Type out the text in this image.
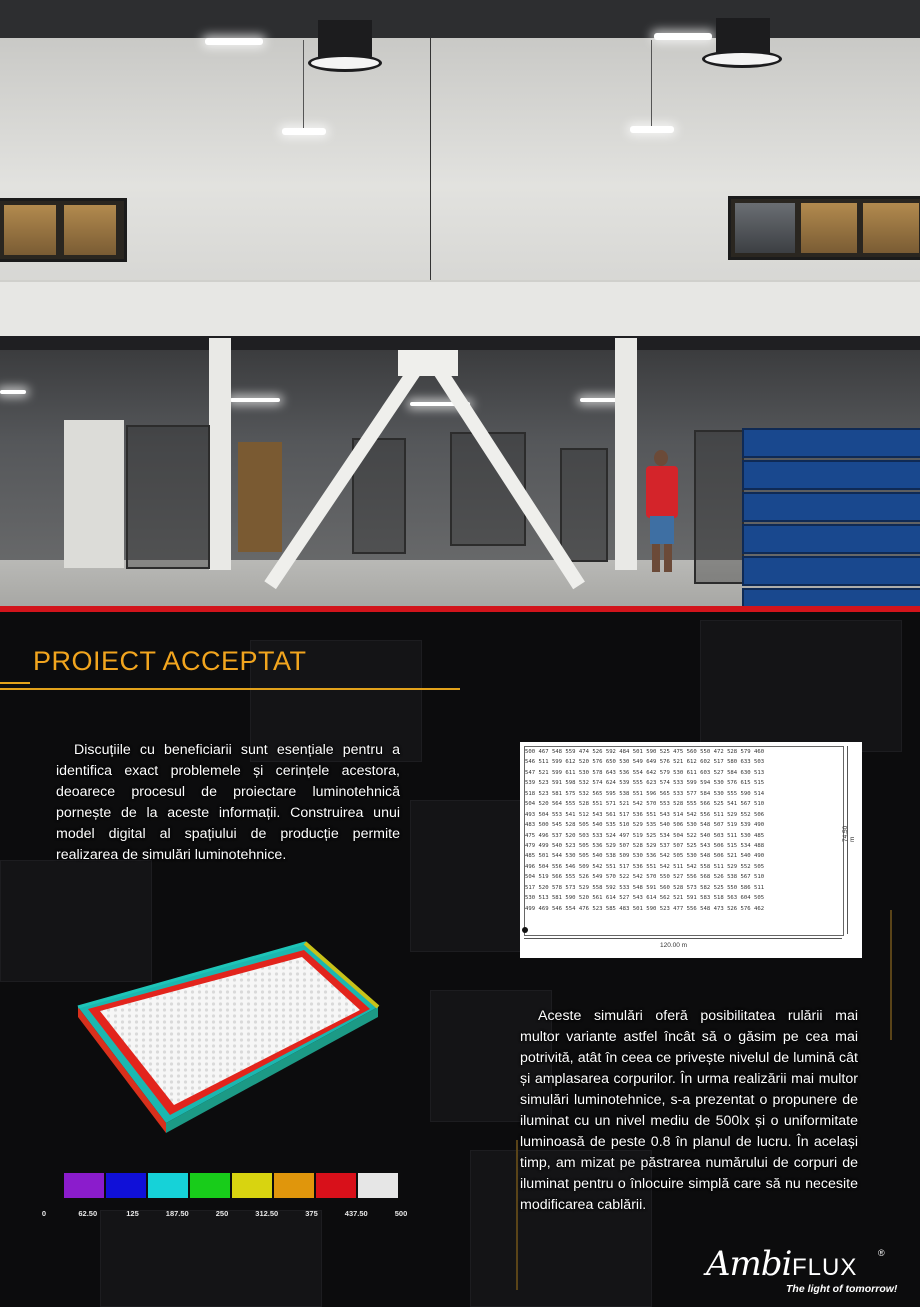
PROIECT ACCEPTAT

Discuțiile cu beneficiarii sunt esențiale pentru a identifica exact problemele și cerințele acestora, deoarece procesul de proiectare luminotehnică pornește de la aceste informații. Construirea unui model digital al spațiului de producție permite realizarea de simulări luminotehnice.

500 467 548 559 474 526 592 484 501 590 525 475 560 550 472 528 579 460
546 511 599 612 520 576 650 530 549 649 576 521 612 602 517 580 633 503
547 521 599 611 530 578 643 536 554 642 579 530 611 603 527 584 630 513
539 523 591 598 532 574 624 539 555 623 574 533 599 594 530 576 615 515
518 523 581 575 532 565 595 538 551 596 565 533 577 584 530 555 590 514
504 520 564 555 528 551 571 521 542 570 553 528 555 566 525 541 567 510
493 504 553 541 512 543 561 517 536 551 543 514 542 556 511 529 552 506
483 500 545 528 505 540 535 510 529 535 540 506 530 548 507 519 539 490
475 496 537 520 503 533 524 497 519 525 534 504 522 540 503 511 530 485
479 499 540 523 505 536 529 507 528 529 537 507 525 543 506 515 534 488
485 501 544 530 505 540 538 509 530 536 542 505 530 548 506 521 540 490
496 504 556 546 509 542 551 517 536 551 542 511 542 558 511 529 552 505
504 519 566 555 526 549 570 522 542 570 550 527 556 568 526 538 567 510
517 520 578 573 529 558 592 533 548 591 560 528 573 582 525 550 586 511
530 513 581 590 520 561 614 527 543 614 562 521 591 583 518 563 604 505
499 469 546 554 476 523 585 483 501 590 523 477 556 548 473 526 576 462
74.50 m
120.00 m

Aceste simulări oferă posibilitatea rulării mai multor variante astfel încât să o găsim pe cea mai potrivită, atât în ceea ce privește nivelul de lumină cât și amplasarea corpurilor. În urma realizării mai multor simulări luminotehnice, s-a prezentat o propunere de iluminat cu un nivel mediu de 500lx și o uniformitate luminoasă de peste 0.8 în planul de lucru. În același timp, am mizat pe păstrarea numărului de corpuri de iluminat pentru o înlocuire simplă care să nu necesite modificarea cablării.

0	62.50	125	187.50	250	312.50	375	437.50	500
Ambi FLUX
®
The light of tomorrow!
